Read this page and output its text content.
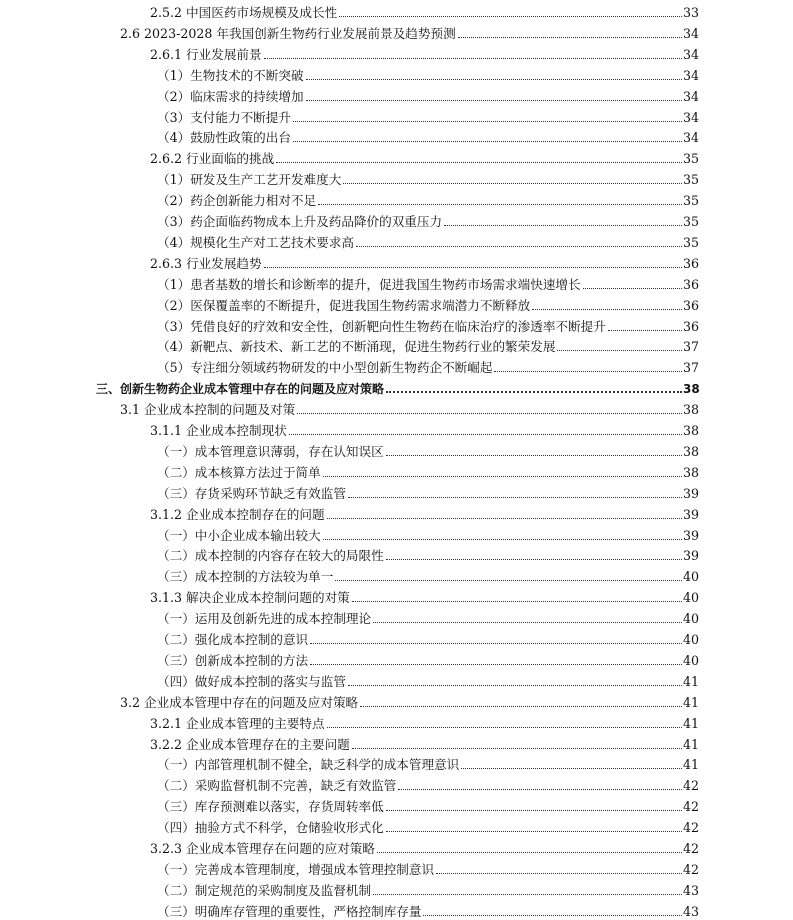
2.5.2 中国医药市场规模及成长性	33
2.6 2023-2028 年我国创新生物药行业发展前景及趋势预测	34
2.6.1 行业发展前景	34
（1）生物技术的不断突破	34
（2）临床需求的持续增加	34
（3）支付能力不断提升	34
（4）鼓励性政策的出台	34
2.6.2 行业面临的挑战	35
（1）研发及生产工艺开发难度大	35
（2）药企创新能力相对不足	35
（3）药企面临药物成本上升及药品降价的双重压力	35
（4）规模化生产对工艺技术要求高	35
2.6.3 行业发展趋势	36
（1）患者基数的增长和诊断率的提升，促进我国生物药市场需求端快速增长	36
（2）医保覆盖率的不断提升，促进我国生物药需求端潜力不断释放	36
（3）凭借良好的疗效和安全性，创新靶向性生物药在临床治疗的渗透率不断提升	36
（4）新靶点、新技术、新工艺的不断涌现，促进生物药行业的繁荣发展	37
（5）专注细分领域药物研发的中小型创新生物药企不断崛起	37
三、创新生物药企业成本管理中存在的问题及应对策略	38
3.1 企业成本控制的问题及对策	38
3.1.1 企业成本控制现状	38
（一）成本管理意识薄弱，存在认知误区	38
（二）成本核算方法过于简单	38
（三）存货采购环节缺乏有效监管	39
3.1.2 企业成本控制存在的问题	39
（一）中小企业成本输出较大	39
（二）成本控制的内容存在较大的局限性	39
（三）成本控制的方法较为单一	40
3.1.3 解决企业成本控制问题的对策	40
（一）运用及创新先进的成本控制理论	40
（二）强化成本控制的意识	40
（三）创新成本控制的方法	40
（四）做好成本控制的落实与监管	41
3.2 企业成本管理中存在的问题及应对策略	41
3.2.1 企业成本管理的主要特点	41
3.2.2 企业成本管理存在的主要问题	41
（一）内部管理机制不健全，缺乏科学的成本管理意识	41
（二）采购监督机制不完善，缺乏有效监管	42
（三）库存预测难以落实，存货周转率低	42
（四）抽验方式不科学，仓储验收形式化	42
3.2.3 企业成本管理存在问题的应对策略	42
（一）完善成本管理制度，增强成本管理控制意识	42
（二）制定规范的采购制度及监督机制	43
（三）明确库存管理的重要性，严格控制库存量	43
